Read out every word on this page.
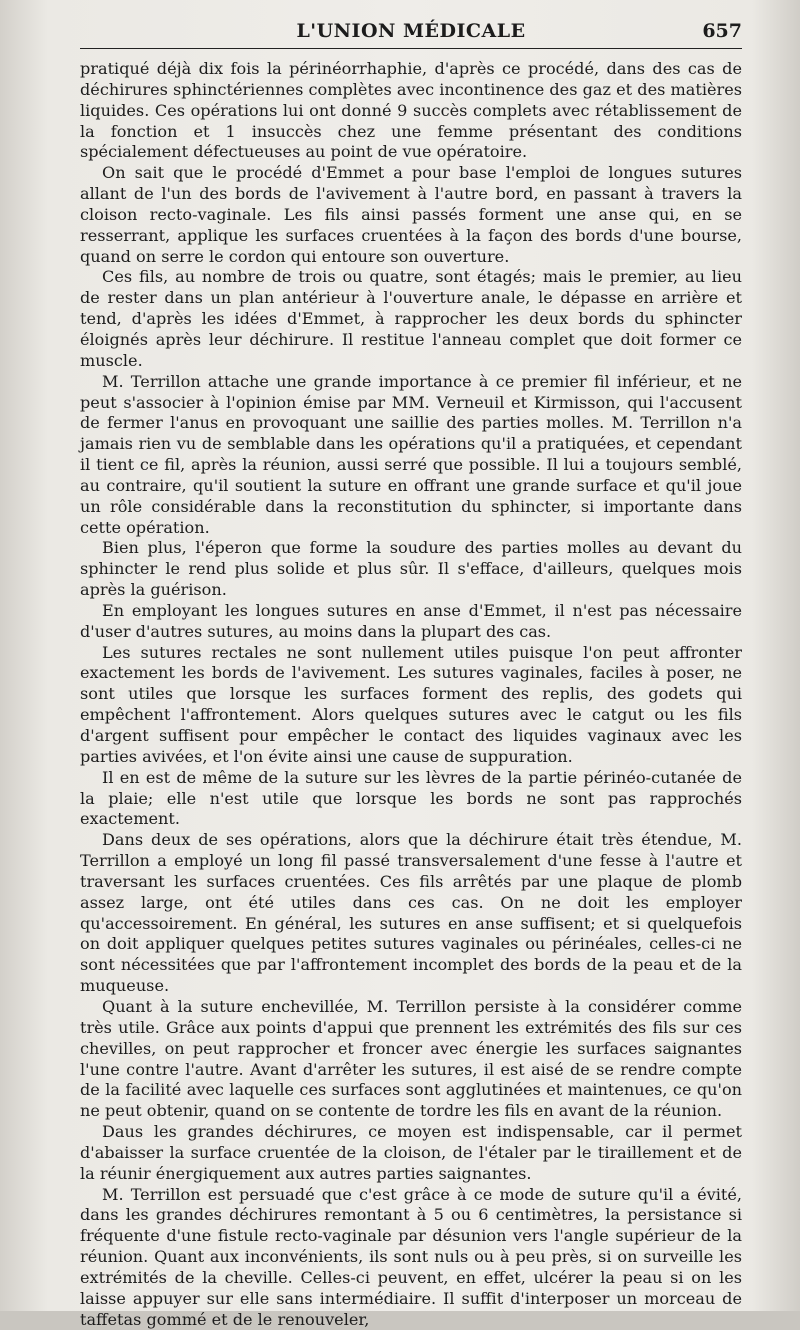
L'UNION MÉDICALE	657

pratiqué déjà dix fois la périnéorrhaphie, d'après ce procédé, dans des cas de déchirures sphinctériennes complètes avec incontinence des gaz et des matières liquides. Ces opérations lui ont donné 9 succès complets avec rétablissement de la fonction et 1 insuccès chez une femme présentant des conditions spécialement défectueuses au point de vue opératoire.

On sait que le procédé d'Emmet a pour base l'emploi de longues sutures allant de l'un des bords de l'avivement à l'autre bord, en passant à travers la cloison recto-vaginale. Les fils ainsi passés forment une anse qui, en se resserrant, applique les surfaces cruentées à la façon des bords d'une bourse, quand on serre le cordon qui entoure son ouverture.

Ces fils, au nombre de trois ou quatre, sont étagés; mais le premier, au lieu de rester dans un plan antérieur à l'ouverture anale, le dépasse en arrière et tend, d'après les idées d'Emmet, à rapprocher les deux bords du sphincter éloignés après leur déchirure. Il restitue l'anneau complet que doit former ce muscle.

M. Terrillon attache une grande importance à ce premier fil inférieur, et ne peut s'associer à l'opinion émise par MM. Verneuil et Kirmisson, qui l'accusent de fermer l'anus en provoquant une saillie des parties molles. M. Terrillon n'a jamais rien vu de semblable dans les opérations qu'il a pratiquées, et cependant il tient ce fil, après la réunion, aussi serré que possible. Il lui a toujours semblé, au contraire, qu'il soutient la suture en offrant une grande surface et qu'il joue un rôle considérable dans la reconstitution du sphincter, si importante dans cette opération.

Bien plus, l'éperon que forme la soudure des parties molles au devant du sphincter le rend plus solide et plus sûr. Il s'efface, d'ailleurs, quelques mois après la guérison.

En employant les longues sutures en anse d'Emmet, il n'est pas nécessaire d'user d'autres sutures, au moins dans la plupart des cas.

Les sutures rectales ne sont nullement utiles puisque l'on peut affronter exactement les bords de l'avivement. Les sutures vaginales, faciles à poser, ne sont utiles que lorsque les surfaces forment des replis, des godets qui empêchent l'affrontement. Alors quelques sutures avec le catgut ou les fils d'argent suffisent pour empêcher le contact des liquides vaginaux avec les parties avivées, et l'on évite ainsi une cause de suppuration.

Il en est de même de la suture sur les lèvres de la partie périnéo-cutanée de la plaie; elle n'est utile que lorsque les bords ne sont pas rapprochés exactement.

Dans deux de ses opérations, alors que la déchirure était très étendue, M. Terrillon a employé un long fil passé transversalement d'une fesse à l'autre et traversant les surfaces cruentées. Ces fils arrêtés par une plaque de plomb assez large, ont été utiles dans ces cas. On ne doit les employer qu'accessoirement. En général, les sutures en anse suffisent; et si quelquefois on doit appliquer quelques petites sutures vaginales ou périnéales, celles-ci ne sont nécessitées que par l'affrontement incomplet des bords de la peau et de la muqueuse.

Quant à la suture enchevillée, M. Terrillon persiste à la considérer comme très utile. Grâce aux points d'appui que prennent les extrémités des fils sur ces chevilles, on peut rapprocher et froncer avec énergie les surfaces saignantes l'une contre l'autre. Avant d'arrêter les sutures, il est aisé de se rendre compte de la facilité avec laquelle ces surfaces sont agglutinées et maintenues, ce qu'on ne peut obtenir, quand on se contente de tordre les fils en avant de la réunion.

Daus les grandes déchirures, ce moyen est indispensable, car il permet d'abaisser la surface cruentée de la cloison, de l'étaler par le tiraillement et de la réunir énergiquement aux autres parties saignantes.

M. Terrillon est persuadé que c'est grâce à ce mode de suture qu'il a évité, dans les grandes déchirures remontant à 5 ou 6 centimètres, la persistance si fréquente d'une fistule recto-vaginale par désunion vers l'angle supérieur de la réunion. Quant aux inconvénients, ils sont nuls ou à peu près, si on surveille les extrémités de la cheville. Celles-ci peuvent, en effet, ulcérer la peau si on les laisse appuyer sur elle sans intermédiaire. Il suffit d'interposer un morceau de taffetas gommé et de le renouveler,
